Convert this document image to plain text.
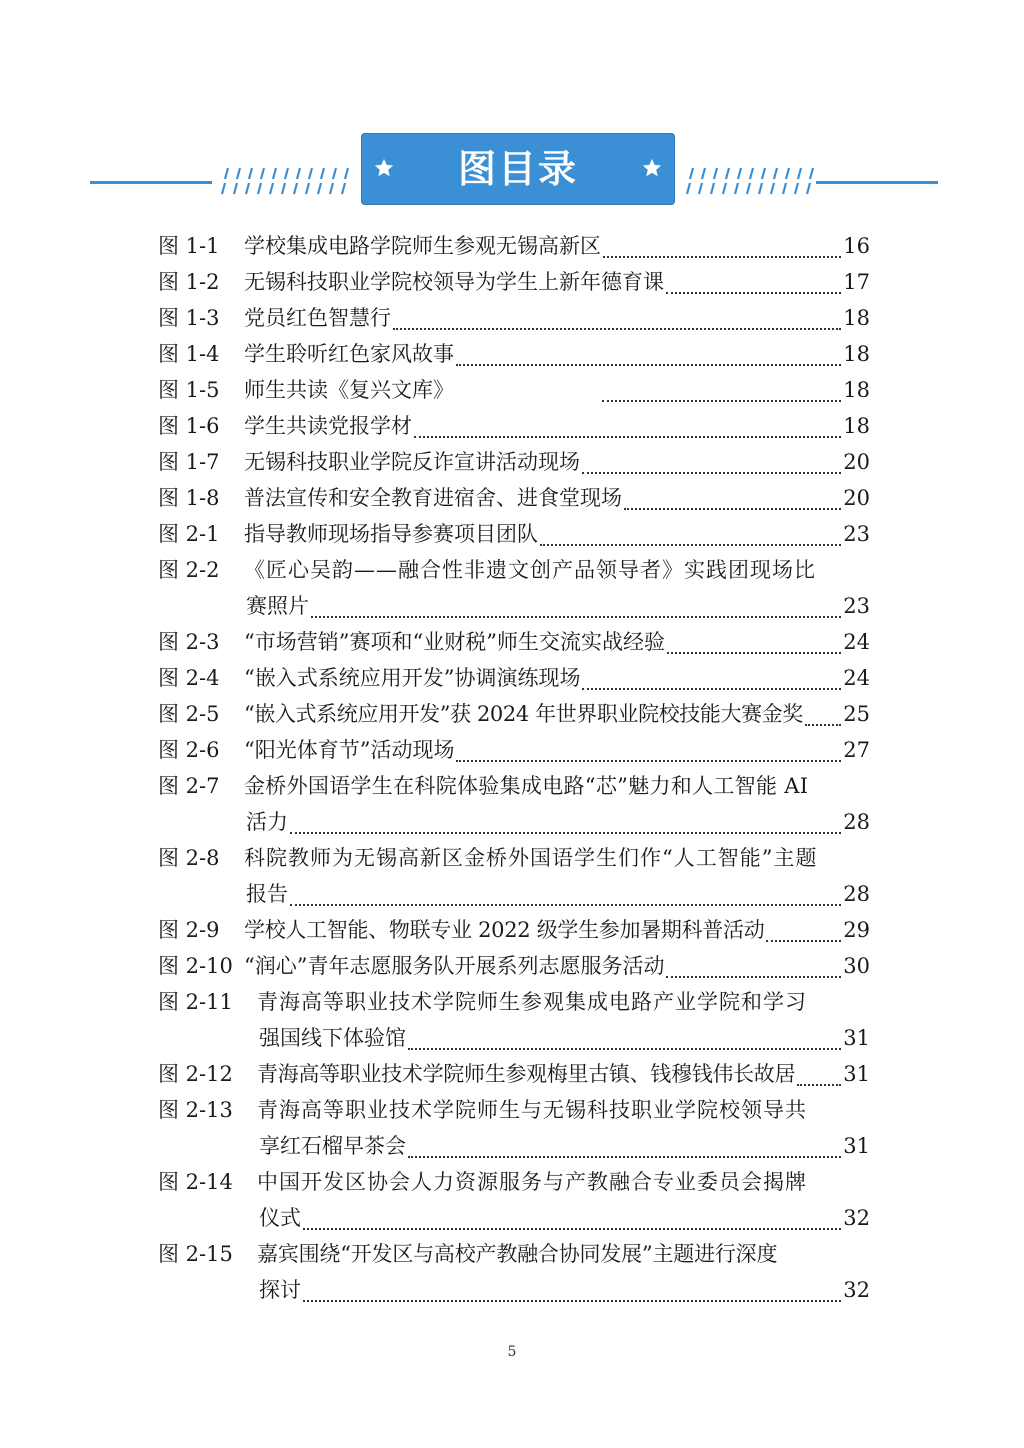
图目录
图 1-1	学校集成电路学院师生参观无锡高新区	16
图 1-2	无锡科技职业学院校领导为学生上新年德育课	17
图 1-3	党员红色智慧行	18
图 1-4	学生聆听红色家风故事	18
图 1-5	师生共读《复兴文库》	18
图 1-6	学生共读党报学材	18
图 1-7	无锡科技职业学院反诈宣讲活动现场	20
图 1-8	普法宣传和安全教育进宿舍、进食堂现场	20
图 2-1	指导教师现场指导参赛项目团队	23
图 2-2	《匠心吴韵——融合性非遗文创产品领导者》实践团现场比
赛照片	23
图 2-3	“市场营销”赛项和“业财税”师生交流实战经验	24
图 2-4	“嵌入式系统应用开发”协调演练现场	24
图 2-5	“嵌入式系统应用开发”获 2024 年世界职业院校技能大赛金奖 25
图 2-6	“阳光体育节”活动现场	27
图 2-7	金桥外国语学生在科院体验集成电路“芯”魅力和人工智能 AI
活力	28
图 2-8	科院教师为无锡高新区金桥外国语学生们作“人工智能”主题
报告	28
图 2-9	学校人工智能、物联专业 2022 级学生参加暑期科普活动	29
图 2-10 “润心”青年志愿服务队开展系列志愿服务活动	30
图 2-11	青海高等职业技术学院师生参观集成电路产业学院和学习
强国线下体验馆	31
图 2-12	青海高等职业技术学院师生参观梅里古镇、钱穆钱伟长故居 31
图 2-13	青海高等职业技术学院师生与无锡科技职业学院校领导共
享红石榴早茶会	31
图 2-14	中国开发区协会人力资源服务与产教融合专业委员会揭牌
仪式	32
图 2-15	嘉宾围绕“开发区与高校产教融合协同发展”主题进行深度
探讨	32
5
